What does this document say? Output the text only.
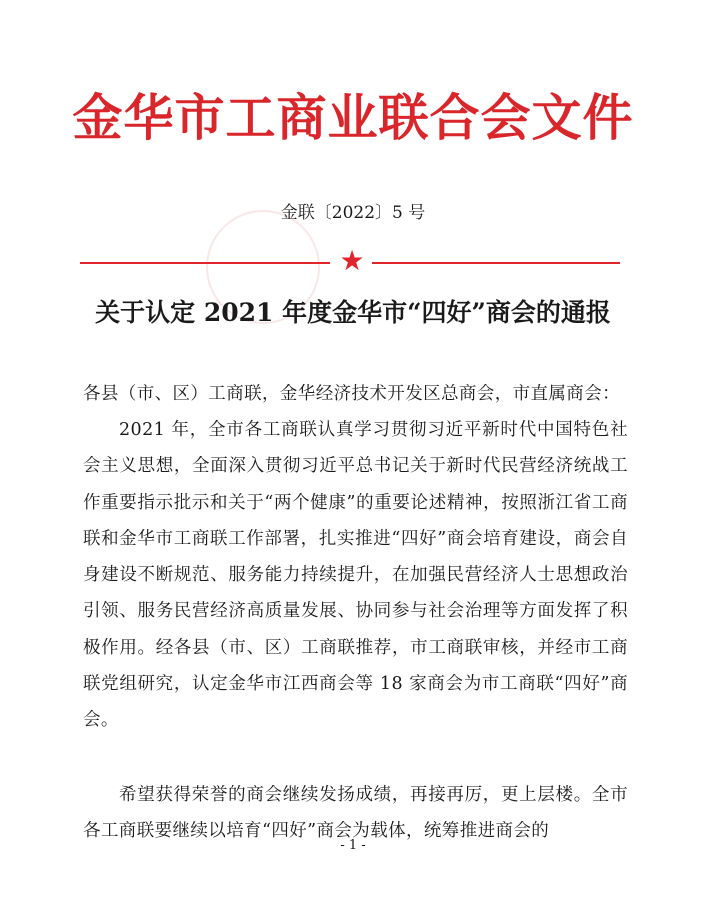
金华市工商业联合会文件
金联〔2022〕5 号
★
关于认定 2021 年度金华市“四好”商会的通报

各县（市、区）工商联，金华经济技术开发区总商会，市直属商会：

2021 年，全市各工商联认真学习贯彻习近平新时代中国特色社会主义思想，全面深入贯彻习近平总书记关于新时代民营经济统战工作重要指示批示和关于“两个健康”的重要论述精神，按照浙江省工商联和金华市工商联工作部署，扎实推进“四好”商会培育建设，商会自身建设不断规范、服务能力持续提升，在加强民营经济人士思想政治引领、服务民营经济高质量发展、协同参与社会治理等方面发挥了积极作用。经各县（市、区）工商联推荐，市工商联审核，并经市工商联党组研究，认定金华市江西商会等 18 家商会为市工商联“四好”商会。

希望获得荣誉的商会继续发扬成绩，再接再厉，更上层楼。全市各工商联要继续以培育“四好”商会为载体，统筹推进商会的

- 1 -
